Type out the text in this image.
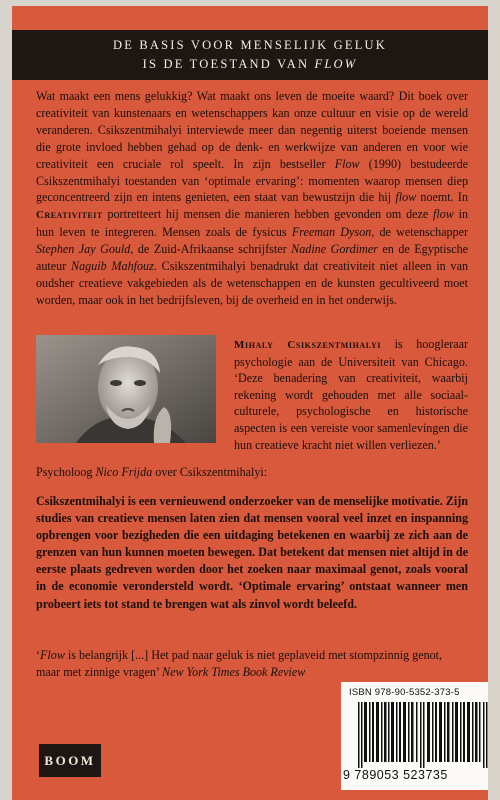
DE BASIS VOOR MENSELIJK GELUK
IS DE TOESTAND VAN FLOW
Wat maakt een mens gelukkig? Wat maakt ons leven de moeite waard? Dit boek over creativiteit van kunstenaars en wetenschappers kan onze cultuur en visie op de wereld veranderen. Csikszentmihalyi interviewde meer dan negentig uiterst boeiende mensen die grote invloed hebben gehad op de denk- en werkwijze van anderen en voor wie creativiteit een cruciale rol speelt. In zijn bestseller Flow (1990) bestudeerde Csikszentmihalyi toestanden van ‘optimale ervaring’: momenten waarop mensen diep geconcentreerd zijn en intens genieten, een staat van bewustzijn die hij flow noemt. In Creativiteit portretteert hij mensen die manieren hebben gevonden om deze flow in hun leven te integreren. Mensen zoals de fysicus Freeman Dyson, de wetenschapper Stephen Jay Gould, de Zuid-Afrikaanse schrijfster Nadine Gordimer en de Egyptische auteur Naguib Mahfouz. Csikszentmihalyi benadrukt dat creativiteit niet alleen in van oudsher creatieve vakgebieden als de wetenschappen en de kunsten gecultiveerd moet worden, maar ook in het bedrijfsleven, bij de overheid en in het onderwijs.
Mihaly Csikszentmihalyi is hoogleraar psychologie aan de Universiteit van Chicago. ‘Deze benadering van creativiteit, waarbij rekening wordt gehouden met alle sociaal-culturele, psychologische en historische aspecten is een vereiste voor samenlevingen die hun creatieve kracht niet willen verliezen.’
Psycholoog Nico Frijda over Csikszentmihalyi:
Csikszentmihalyi is een vernieuwend onderzoeker van de menselijke motivatie. Zijn studies van creatieve mensen laten zien dat mensen vooral veel inzet en inspanning opbrengen voor bezigheden die een uitdaging betekenen en waarbij ze zich aan de grenzen van hun kunnen moeten bewegen. Dat betekent dat mensen niet altijd in de eerste plaats gedreven worden door het zoeken naar maximaal genot, zoals vooral in de economie verondersteld wordt. ‘Optimale ervaring’ ontstaat wanneer men probeert iets tot stand te brengen wat als zinvol wordt beleefd.
‘Flow is belangrijk [...] Het pad naar geluk is niet geplaveid met stompzinnig genot, maar met zinnige vragen’ New York Times Book Review
ISBN 978-90-5352-373-5
9 789053 523735
BOOM
